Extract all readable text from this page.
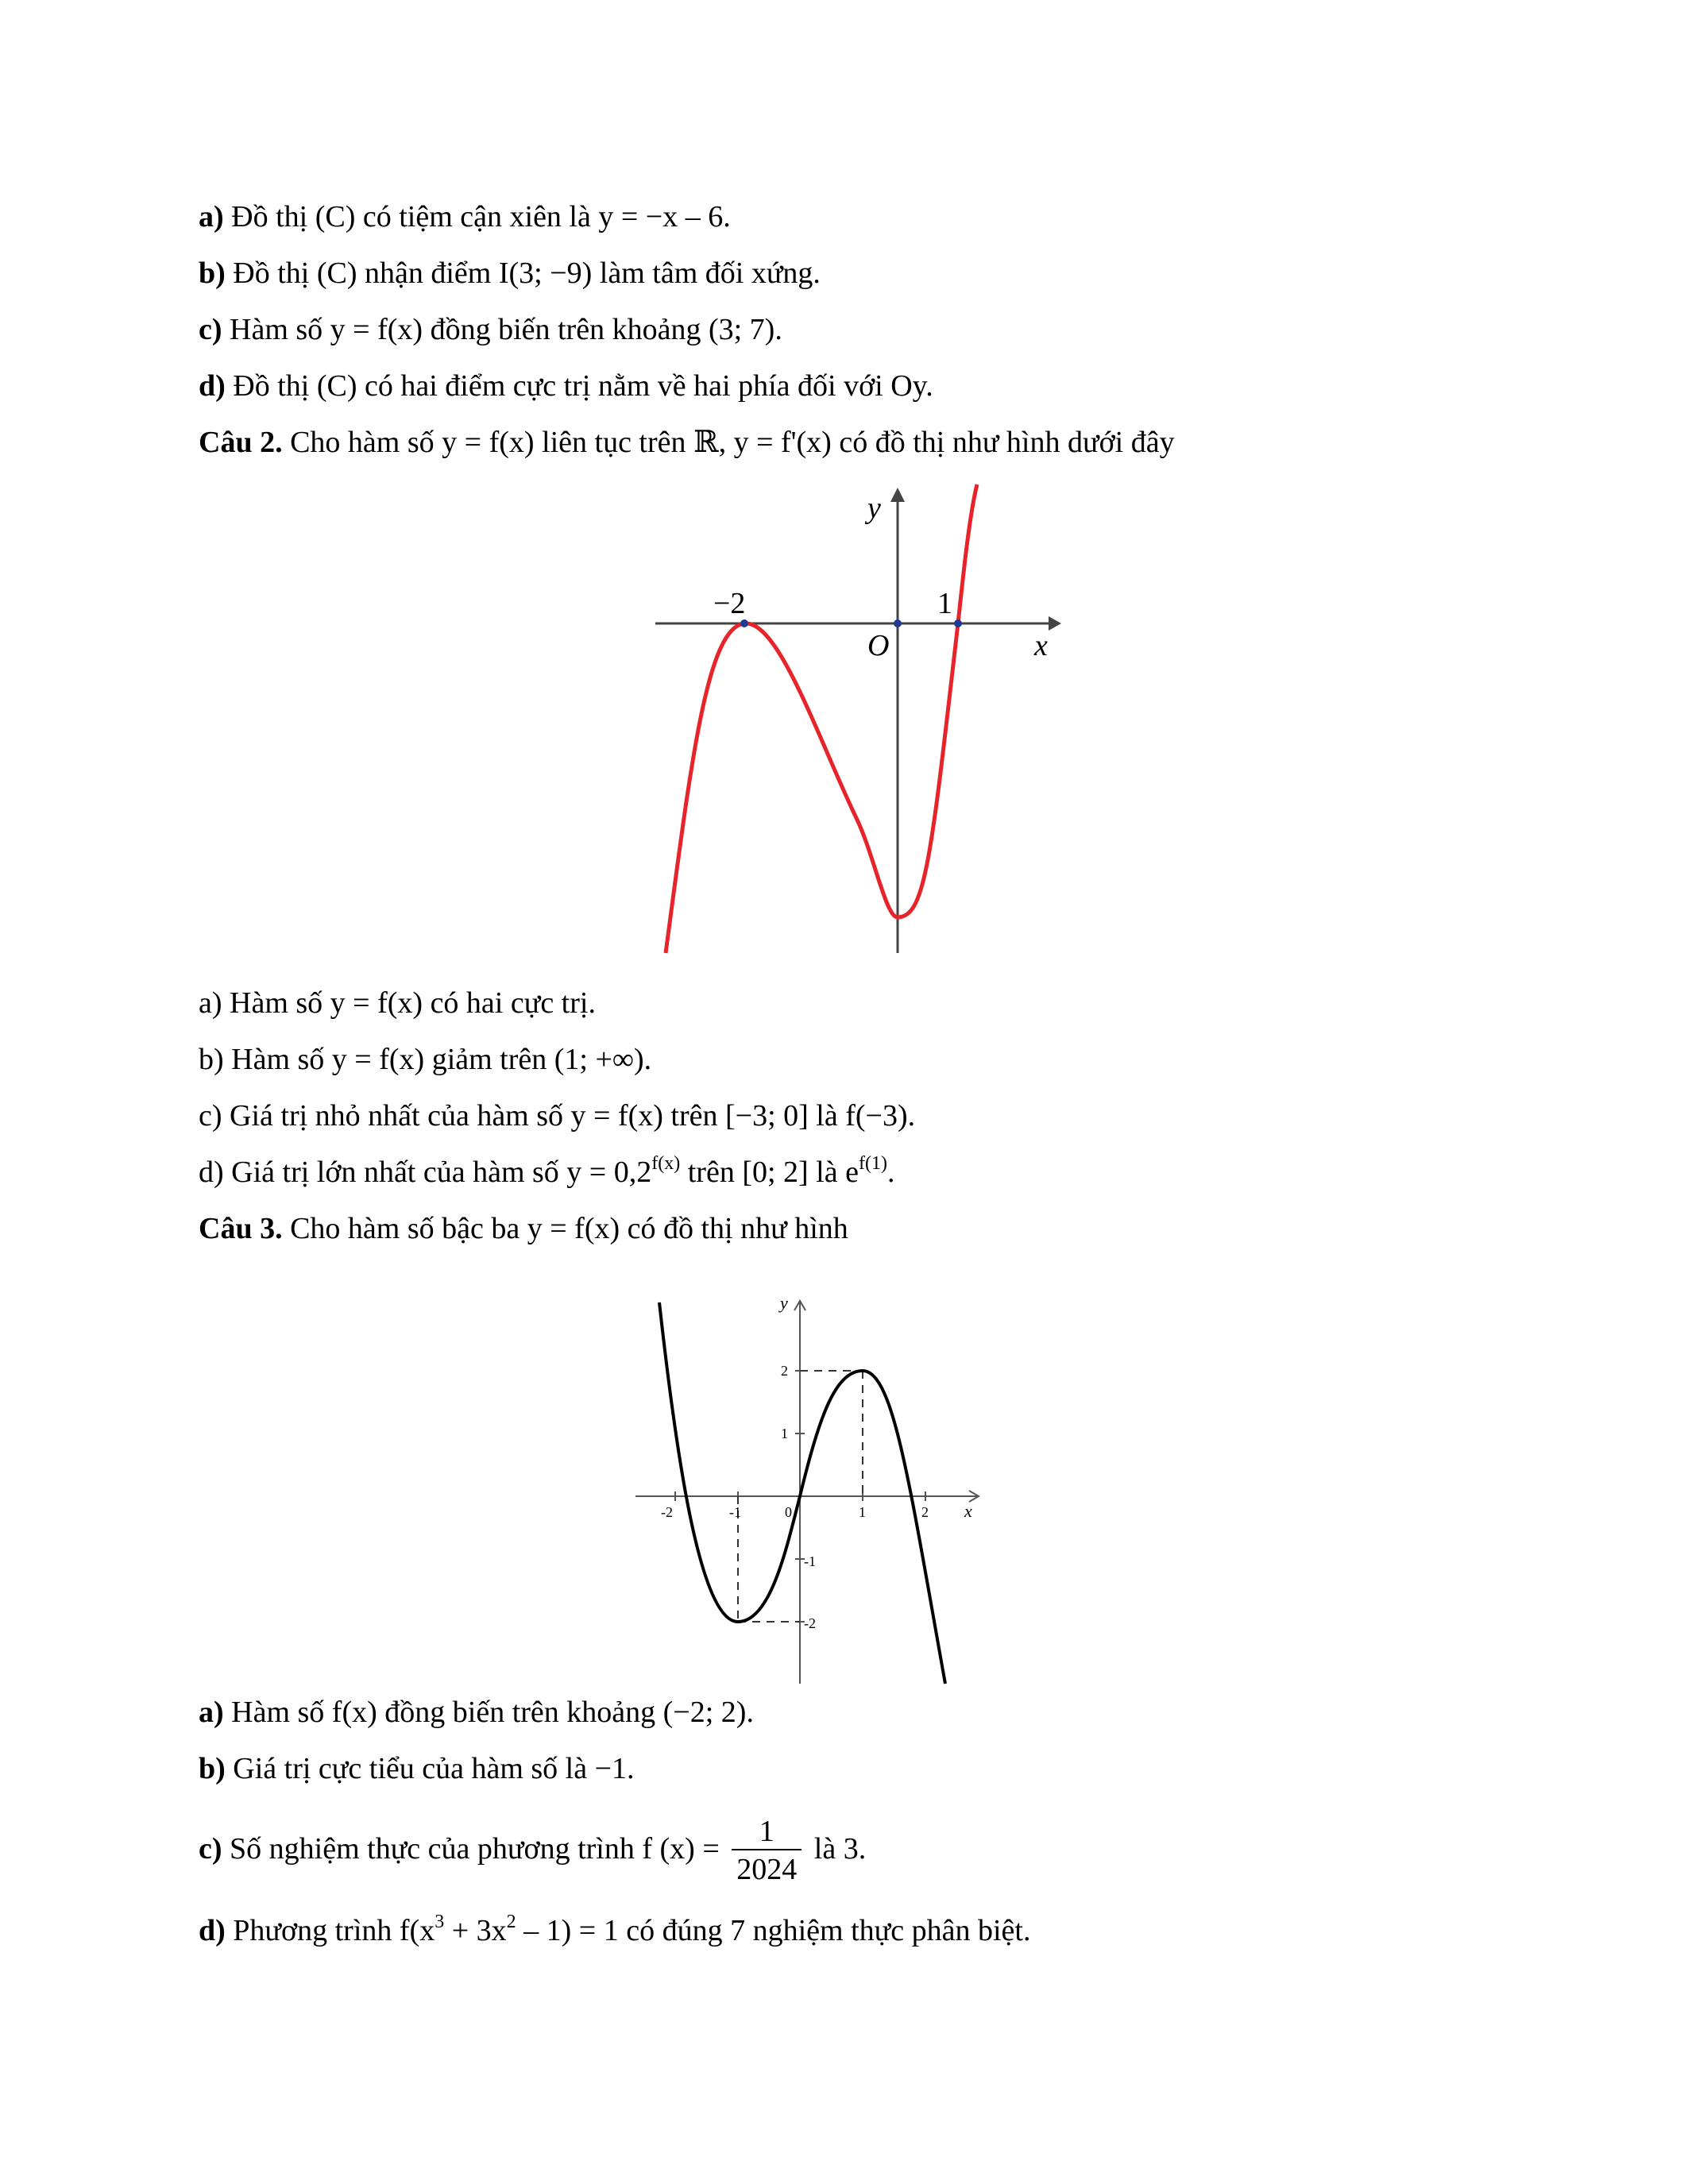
a) Đồ thị (C) có tiệm cận xiên là y = −x – 6.
b) Đồ thị (C) nhận điểm I(3; −9) làm tâm đối xứng.
c) Hàm số y = f(x) đồng biến trên khoảng (3; 7).
d) Đồ thị (C) có hai điểm cực trị nằm về hai phía đối với Oy.
Câu 2. Cho hàm số y = f(x) liên tục trên ℝ, y = f'(x) có đồ thị như hình dưới đây
y
x
O
−2	1
a) Hàm số y = f(x) có hai cực trị.
b) Hàm số y = f(x) giảm trên (1; +∞).
c) Giá trị nhỏ nhất của hàm số y = f(x) trên [−3; 0] là f(−3).
d) Giá trị lớn nhất của hàm số $y = 0,2^{f(x)}$ trên [0; 2] là $e^{f(1)}$.
Câu 3. Cho hàm số bậc ba y = f(x) có đồ thị như hình
y
x
-2	-1	0	1	2
2
1
-1
-2
a) Hàm số f(x) đồng biến trên khoảng (−2; 2).
b) Giá trị cực tiểu của hàm số là −1.
c) Số nghiệm thực của phương trình f $(x) = \frac{1}{2024}$ là 3.
d) Phương trình $f(x^3 + 3x^2 - 1) = 1$ có đúng 7 nghiệm thực phân biệt.
